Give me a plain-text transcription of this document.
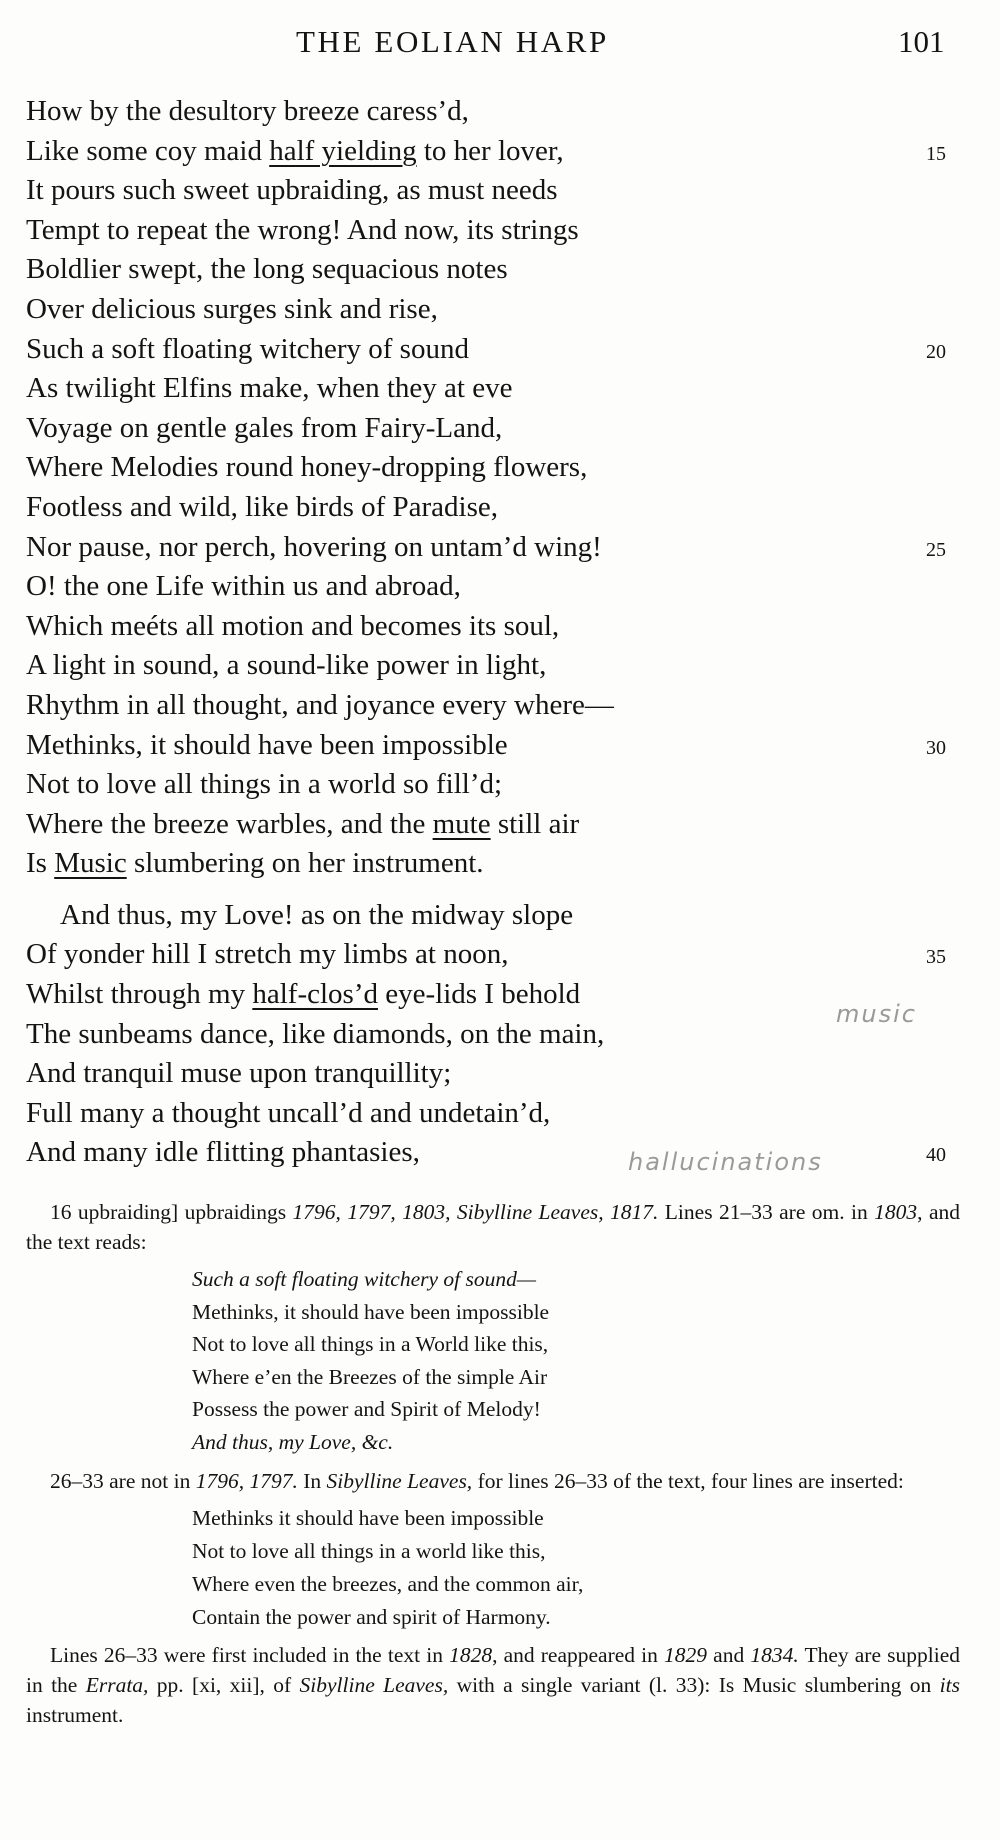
THE EOLIAN HARP	101
How by the desultory breeze caress’d,
Like some coy maid half yielding to her lover,	15
It pours such sweet upbraiding, as must needs
Tempt to repeat the wrong! And now, its strings
Boldlier swept, the long sequacious notes
Over delicious surges sink and rise,
Such a soft floating witchery of sound	20
As twilight Elfins make, when they at eve
Voyage on gentle gales from Fairy-Land,
Where Melodies round honey-dropping flowers,
Footless and wild, like birds of Paradise,
Nor pause, nor perch, hovering on untam’d wing!	25
O! the one Life within us and abroad,
Which meéts all motion and becomes its soul,
A light in sound, a sound-like power in light,
Rhythm in all thought, and joyance every where—
Methinks, it should have been impossible	30
Not to love all things in a world so fill’d;
Where the breeze warbles, and the mute still air
Is Music slumbering on her instrument.
And thus, my Love! as on the midway slope
Of yonder hill I stretch my limbs at noon,	35
Whilst through my half-clos’d eye-lids I behold
The sunbeams dance, like diamonds, on the main,
And tranquil muse upon tranquillity;
Full many a thought uncall’d and undetain’d,
And many idle flitting phantasies,	40
music
hallucinations
16 upbraiding] upbraidings 1796, 1797, 1803, Sibylline Leaves, 1817. Lines 21–33 are om. in 1803, and the text reads:
Such a soft floating witchery of sound—
Methinks, it should have been impossible
Not to love all things in a World like this,
Where e’en the Breezes of the simple Air
Possess the power and Spirit of Melody!
And thus, my Love, &c.
26–33 are not in 1796, 1797. In Sibylline Leaves, for lines 26–33 of the text, four lines are inserted:
Methinks it should have been impossible
Not to love all things in a world like this,
Where even the breezes, and the common air,
Contain the power and spirit of Harmony.
Lines 26–33 were first included in the text in 1828, and reappeared in 1829 and 1834. They are supplied in the Errata, pp. [xi, xii], of Sibylline Leaves, with a single variant (l. 33): Is Music slumbering on its instrument.
